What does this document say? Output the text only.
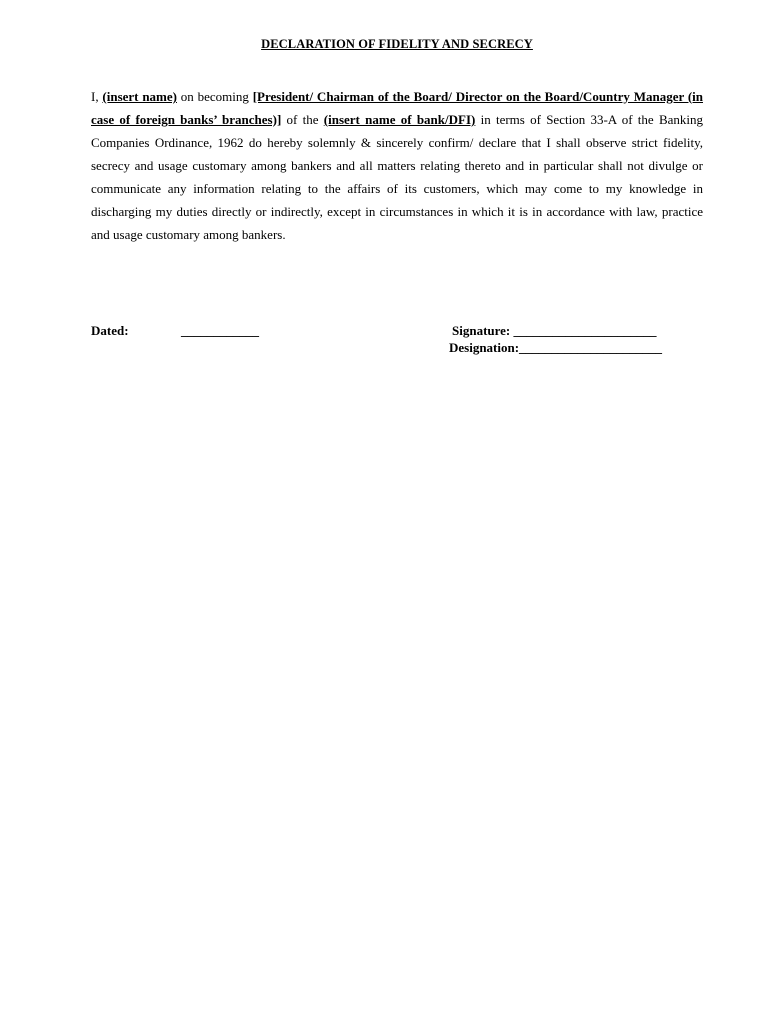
DECLARATION OF FIDELITY AND SECRECY
I, (insert name) on becoming [President/ Chairman of the Board/ Director on the Board/Country Manager (in case of foreign banks’ branches)] of the (insert name of bank/DFI) in terms of Section 33-A of the Banking Companies Ordinance, 1962 do hereby solemnly & sincerely confirm/ declare that I shall observe strict fidelity, secrecy and usage customary among bankers and all matters relating thereto and in particular shall not divulge or communicate any information relating to the affairs of its customers, which may come to my knowledge in discharging my duties directly or indirectly, except in circumstances in which it is in accordance with law, practice and usage customary among bankers.
Dated:	____________	Signature: ______________________
Designation:______________________
